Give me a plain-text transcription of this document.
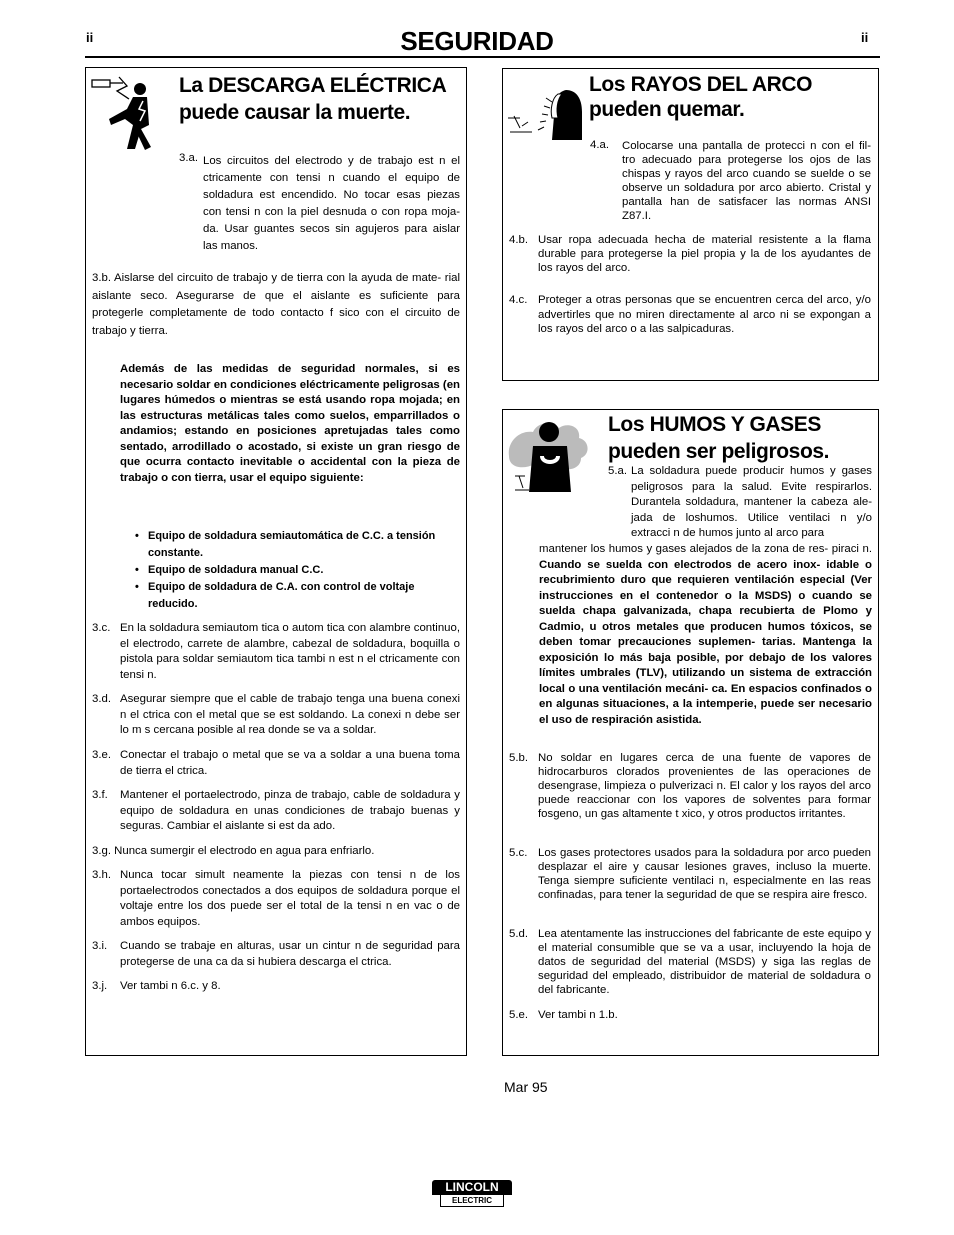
ii	SEGURIDAD	ii
La DESCARGA ELÉCTRICA
puede causar la muerte.
3.a. Los circuitos del electrodo y de trabajo est n el ctricamente con tensi n cuando el equipo de soldadura est encendido. No tocar esas piezas con tensi n con la piel desnuda o con ropa moja- da. Usar guantes secos sin agujeros para aislar las manos.
3.b. Aislarse del circuito de trabajo y de tierra con la ayuda de mate- rial aislante seco. Asegurarse de que el aislante es suficiente para protegerle completamente de todo contacto f sico con el circuito de trabajo y tierra.
Además de las medidas de seguridad normales, si es necesario soldar en condiciones eléctricamente peligrosas (en lugares húmedos o mientras se está usando ropa mojada; en las estructuras metálicas tales como suelos, emparrillados o andamios; estando en posiciones apretujadas tales como sentado, arrodillado o acostado, si existe un gran riesgo de que ocurra contacto inevitable o accidental con la pieza de trabajo o con tierra, usar el equipo siguiente:
• Equipo de soldadura semiautomática de C.C. a tensión constante.
• Equipo de soldadura manual C.C.
• Equipo de soldadura de C.A. con control de voltaje reducido.
3.c. En la soldadura semiautom tica o autom tica con alambre continuo, el electrodo, carrete de alambre, cabezal de soldadura, boquilla o pistola para soldar semiautom tica tambi n est n el ctricamente con tensi n.
3.d. Asegurar siempre que el cable de trabajo tenga una buena conexi n el ctrica con el metal que se est soldando. La conexi n debe ser lo m s cercana posible al rea donde se va a soldar.
3.e. Conectar el trabajo o metal que se va a soldar a una buena toma de tierra el ctrica.
3.f. Mantener el portaelectrodo, pinza de trabajo, cable de soldadura y equipo de soldadura en unas condiciones de trabajo buenas y seguras. Cambiar el aislante si est da ado.
3.g. Nunca sumergir el electrodo en agua para enfriarlo.
3.h. Nunca tocar simult neamente la piezas con tensi n de los portaelectrodos conectados a dos equipos de soldadura porque el voltaje entre los dos puede ser el total de la tensi n en vac o de ambos equipos.
3.i. Cuando se trabaje en alturas, usar un cintur n de seguridad para protegerse de una ca da si hubiera descarga el ctrica.
3.j. Ver tambi n 6.c. y 8.
Los RAYOS DEL ARCO
pueden quemar.
4.a. Colocarse una pantalla de protecci n con el fil- tro adecuado para protegerse los ojos de las chispas y rayos del arco cuando se suelde o se observe un soldadura por arco abierto. Cristal y pantalla han de satisfacer las normas ANSI Z87.I.
4.b. Usar ropa adecuada hecha de material resistente a la flama durable para protegerse la piel propia y la de los ayudantes de los rayos del arco.
4.c. Proteger a otras personas que se encuentren cerca del arco, y/o advertirles que no miren directamente al arco ni se expongan a los rayos del arco o a las salpicaduras.
Los HUMOS Y GASES
pueden ser peligrosos.
5.a. La soldadura puede producir humos y gases peligrosos para la salud. Evite respirarlos. Durantela soldadura, mantener la cabeza ale- jada de loshumos. Utilice ventilaci n y/o extracci n de humos junto al arco para
mantener los humos y gases alejados de la zona de res- piraci n. Cuando se suelda con electrodos de acero inox- idable o recubrimiento duro que requieren ventilación especial (Ver instrucciones en el contenedor o la MSDS) o cuando se suelda chapa galvanizada, chapa recubierta de Plomo y Cadmio, u otros metales que producen humos tóxicos, se deben tomar precauciones suplemen- tarias. Mantenga la exposición lo más baja posible, por debajo de los valores límites umbrales (TLV), utilizando un sistema de extracción local o una ventilación mecáni- ca. En espacios confinados o en algunas situaciones, a la intemperie, puede ser necesario el uso de respiración asistida.
5.b. No soldar en lugares cerca de una fuente de vapores de hidrocarburos clorados provenientes de las operaciones de desengrase, limpieza o pulverizaci n. El calor y los rayos del arco puede reaccionar con los vapores de solventes para formar fosgeno, un gas altamente t xico, y otros productos irritantes.
5.c. Los gases protectores usados para la soldadura por arco pueden desplazar el aire y causar lesiones graves, incluso la muerte. Tenga siempre suficiente ventilaci n, especialmente en las reas confinadas, para tener la seguridad de que se respira aire fresco.
5.d. Lea atentamente las instrucciones del fabricante de este equipo y el material consumible que se va a usar, incluyendo la hoja de datos de seguridad del material (MSDS) y siga las reglas de seguridad del empleado, distribuidor de material de soldadura o del fabricante.
5.e. Ver tambi n 1.b.
Mar 95
LINCOLN
ELECTRIC
